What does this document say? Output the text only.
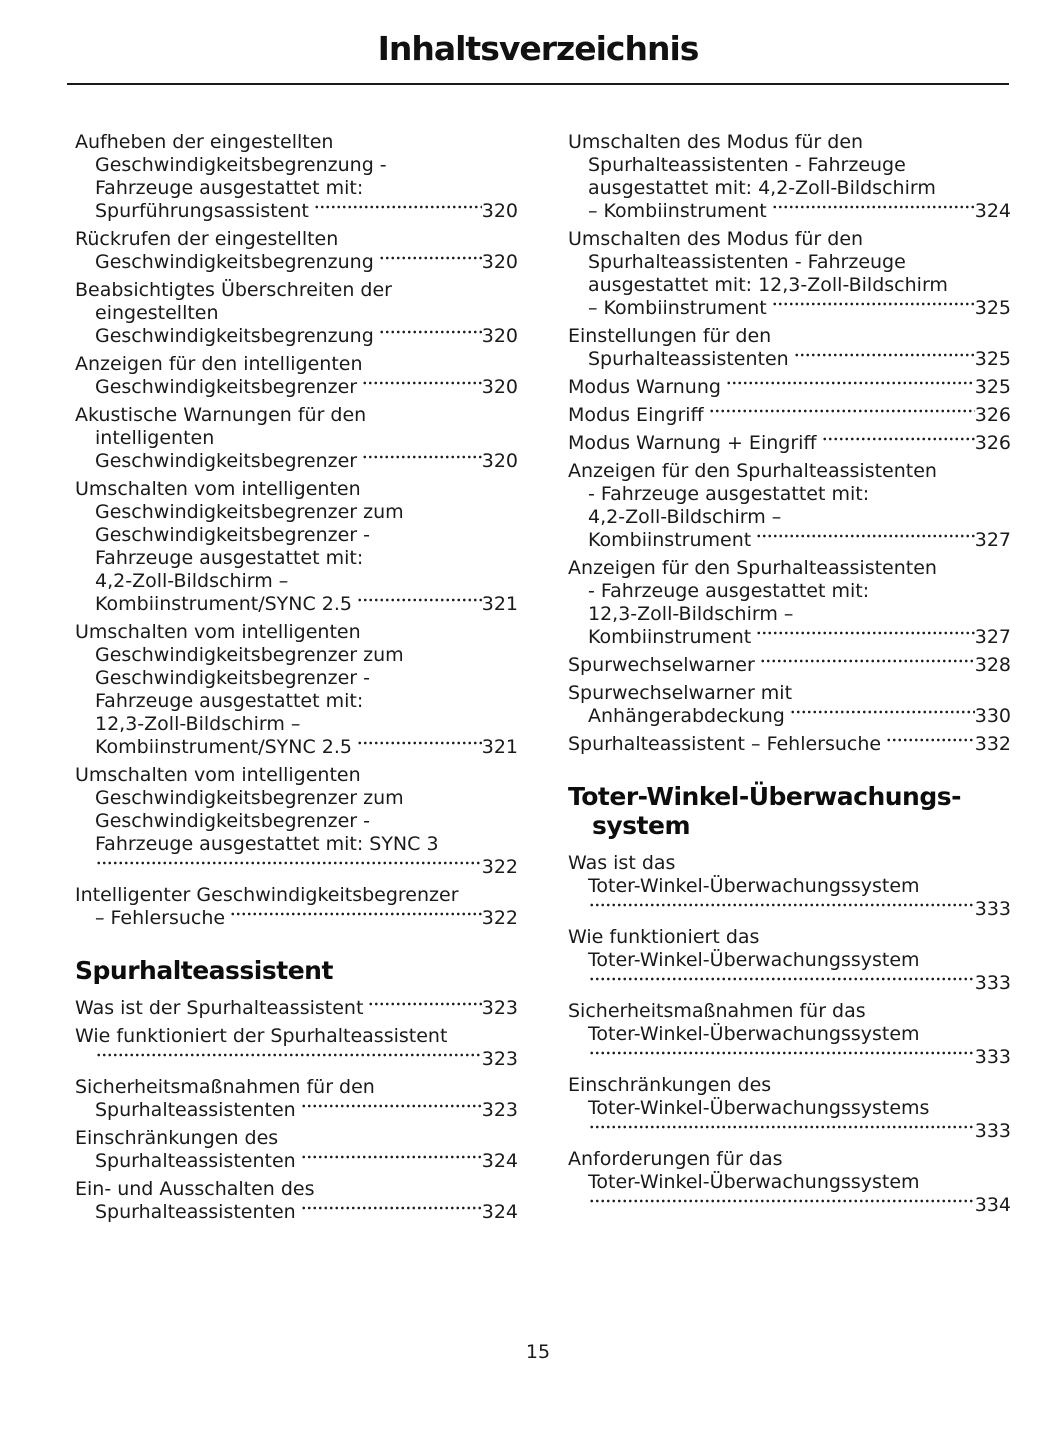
Inhaltsverzeichnis
Aufheben der eingestellten
Geschwindigkeitsbegrenzung -
Fahrzeuge ausgestattet mit:
Spurführungsassistent	320
Rückrufen der eingestellten
Geschwindigkeitsbegrenzung	320
Beabsichtigtes Überschreiten der
eingestellten
Geschwindigkeitsbegrenzung	320
Anzeigen für den intelligenten
Geschwindigkeitsbegrenzer	320
Akustische Warnungen für den
intelligenten
Geschwindigkeitsbegrenzer	320
Umschalten vom intelligenten
Geschwindigkeitsbegrenzer zum
Geschwindigkeitsbegrenzer -
Fahrzeuge ausgestattet mit:
4,2-Zoll-Bildschirm –
Kombiinstrument/SYNC 2.5	321
Umschalten vom intelligenten
Geschwindigkeitsbegrenzer zum
Geschwindigkeitsbegrenzer -
Fahrzeuge ausgestattet mit:
12,3-Zoll-Bildschirm –
Kombiinstrument/SYNC 2.5	321
Umschalten vom intelligenten
Geschwindigkeitsbegrenzer zum
Geschwindigkeitsbegrenzer -
Fahrzeuge ausgestattet mit: SYNC 3
322
Intelligenter Geschwindigkeitsbegrenzer
– Fehlersuche	322
Spurhalteassistent
Was ist der Spurhalteassistent	323
Wie funktioniert der Spurhalteassistent
323
Sicherheitsmaßnahmen für den
Spurhalteassistenten	323
Einschränkungen des
Spurhalteassistenten	324
Ein- und Ausschalten des
Spurhalteassistenten	324
Umschalten des Modus für den
Spurhalteassistenten - Fahrzeuge
ausgestattet mit: 4,2-Zoll-Bildschirm
– Kombiinstrument	324
Umschalten des Modus für den
Spurhalteassistenten - Fahrzeuge
ausgestattet mit: 12,3-Zoll-Bildschirm
– Kombiinstrument	325
Einstellungen für den
Spurhalteassistenten	325
Modus Warnung	325
Modus Eingriff	326
Modus Warnung + Eingriff	326
Anzeigen für den Spurhalteassistenten
- Fahrzeuge ausgestattet mit:
4,2-Zoll-Bildschirm –
Kombiinstrument	327
Anzeigen für den Spurhalteassistenten
- Fahrzeuge ausgestattet mit:
12,3-Zoll-Bildschirm –
Kombiinstrument	327
Spurwechselwarner	328
Spurwechselwarner mit
Anhängerabdeckung	330
Spurhalteassistent – Fehlersuche	332
Toter-Winkel-Überwachungs-
system
Was ist das
Toter-Winkel-Überwachungssystem
333
Wie funktioniert das
Toter-Winkel-Überwachungssystem
333
Sicherheitsmaßnahmen für das
Toter-Winkel-Überwachungssystem
333
Einschränkungen des
Toter-Winkel-Überwachungssystems
333
Anforderungen für das
Toter-Winkel-Überwachungssystem
334
15
